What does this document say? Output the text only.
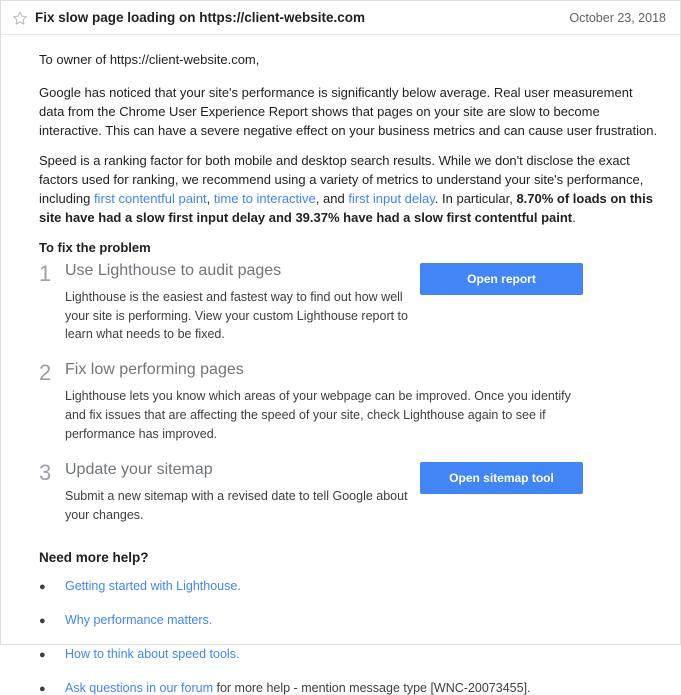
Fix slow page loading on https://client-website.com	October 23, 2018

To owner of https://client-website.com,

Google has noticed that your site's performance is significantly below average. Real user measurement data from the Chrome User Experience Report shows that pages on your site are slow to become interactive. This can have a severe negative effect on your business metrics and can cause user frustration.

Speed is a ranking factor for both mobile and desktop search results. While we don't disclose the exact factors used for ranking, we recommend using a variety of metrics to understand your site's performance, including first contentful paint, time to interactive, and first input delay. In particular, 8.70% of loads on this site have had a slow first input delay and 39.37% have had a slow first contentful paint.

To fix the problem
1 Use Lighthouse to audit pages

Lighthouse is the easiest and fastest way to find out how well your site is performing. View your custom Lighthouse report to learn what needs to be fixed.

Open report
2 Fix low performing pages

Lighthouse lets you know which areas of your webpage can be improved. Once you identify and fix issues that are affecting the speed of your site, check Lighthouse again to see if performance has improved.

3 Update your sitemap

Submit a new sitemap with a revised date to tell Google about your changes.

Open sitemap tool
Need more help?
●	Getting started with Lighthouse.
●	Why performance matters.
●	How to think about speed tools.
●	Ask questions in our forum for more help - mention message type [WNC-20073455].
